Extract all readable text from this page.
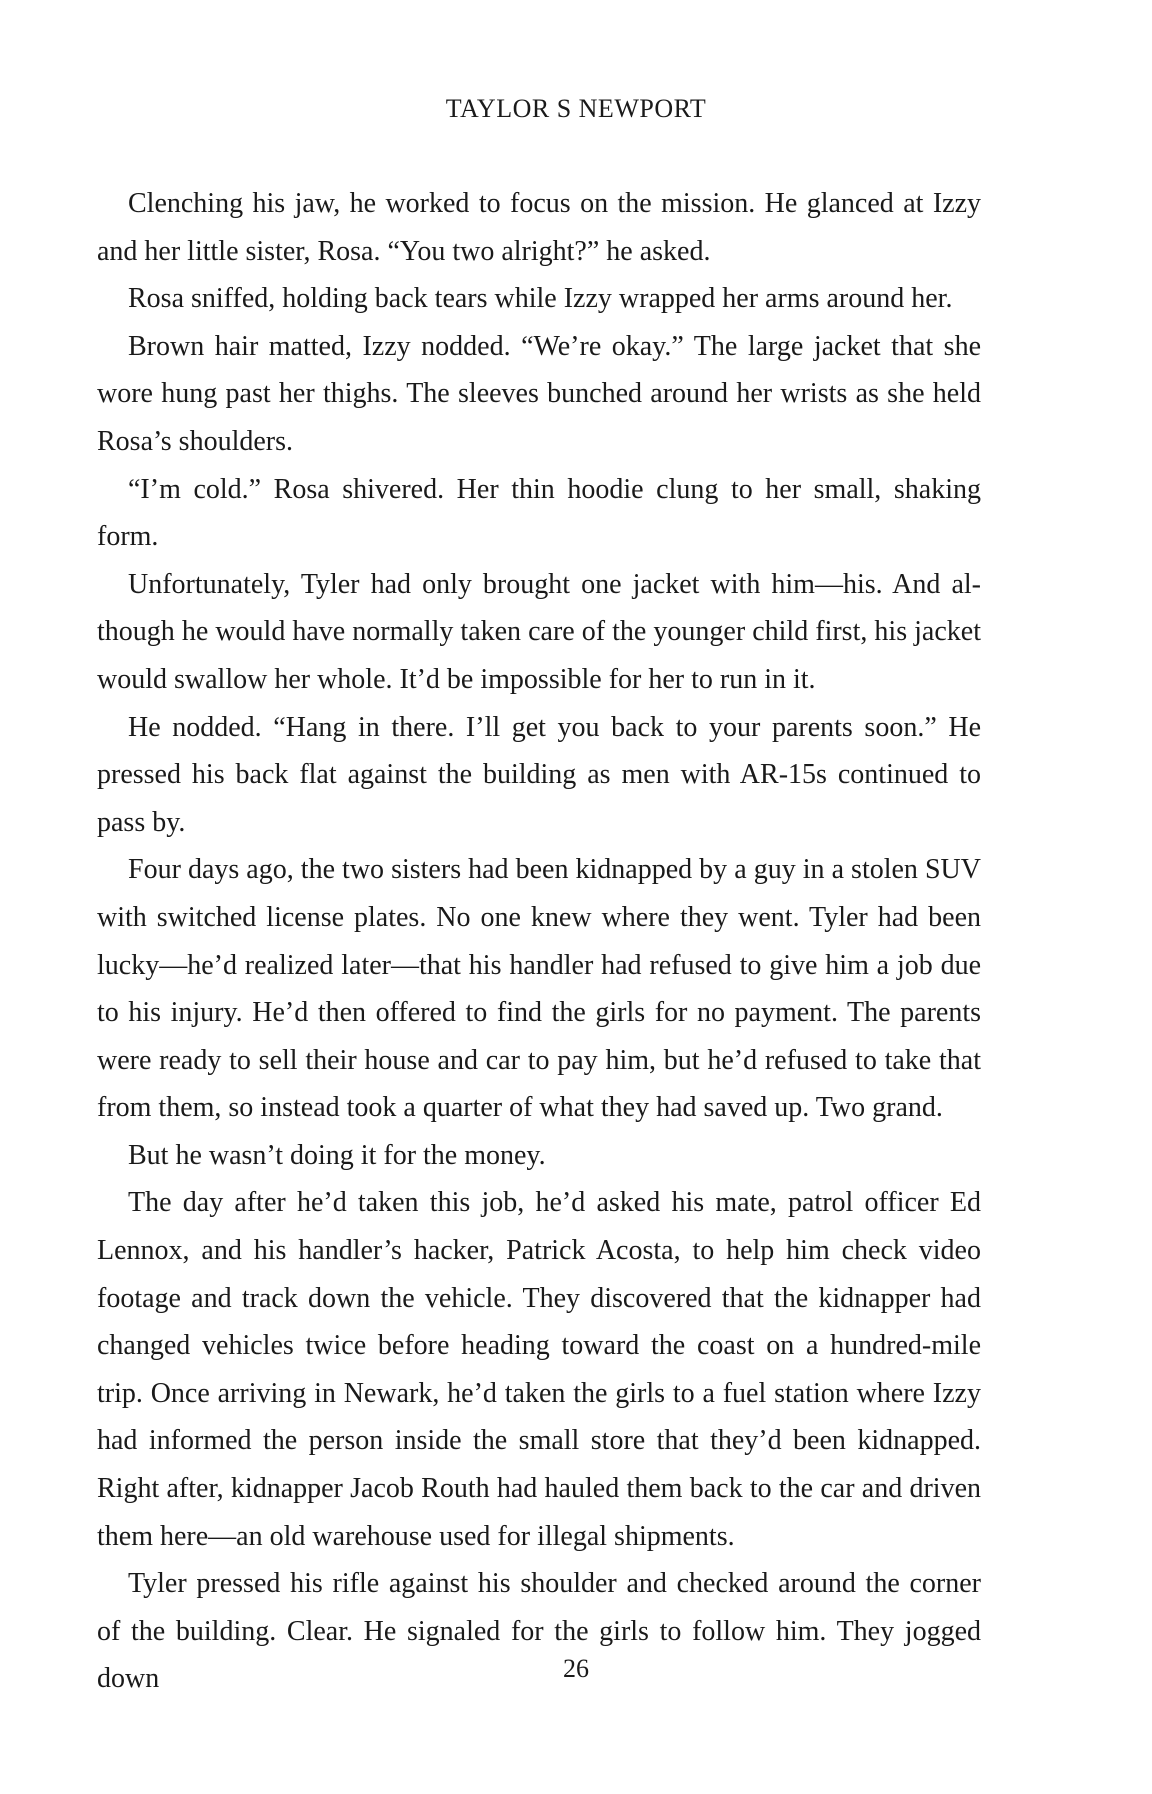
TAYLOR S NEWPORT

Clenching his jaw, he worked to focus on the mission. He glanced at Izzy and her little sister, Rosa. “You two alright?” he asked.

Rosa sniffed, holding back tears while Izzy wrapped her arms around her.

Brown hair matted, Izzy nodded. “We’re okay.” The large jacket that she wore hung past her thighs. The sleeves bunched around her wrists as she held Rosa’s shoulders.

“I’m cold.” Rosa shivered. Her thin hoodie clung to her small, shaking form.

Unfortunately, Tyler had only brought one jacket with him—his. And although he would have normally taken care of the younger child first, his jacket would swallow her whole. It’d be impossible for her to run in it.

He nodded. “Hang in there. I’ll get you back to your parents soon.” He pressed his back flat against the building as men with AR-15s continued to pass by.

Four days ago, the two sisters had been kidnapped by a guy in a stolen SUV with switched license plates. No one knew where they went. Tyler had been lucky—he’d realized later—that his handler had refused to give him a job due to his injury. He’d then offered to find the girls for no payment. The parents were ready to sell their house and car to pay him, but he’d refused to take that from them, so instead took a quarter of what they had saved up. Two grand.

But he wasn’t doing it for the money.

The day after he’d taken this job, he’d asked his mate, patrol officer Ed Lennox, and his handler’s hacker, Patrick Acosta, to help him check video footage and track down the vehicle. They discovered that the kidnapper had changed vehicles twice before heading toward the coast on a hundred-mile trip. Once arriving in Newark, he’d taken the girls to a fuel station where Izzy had informed the person inside the small store that they’d been kidnapped. Right after, kidnapper Jacob Routh had hauled them back to the car and driven them here—an old warehouse used for illegal shipments.

Tyler pressed his rifle against his shoulder and checked around the corner of the building. Clear. He signaled for the girls to follow him. They jogged down	26
